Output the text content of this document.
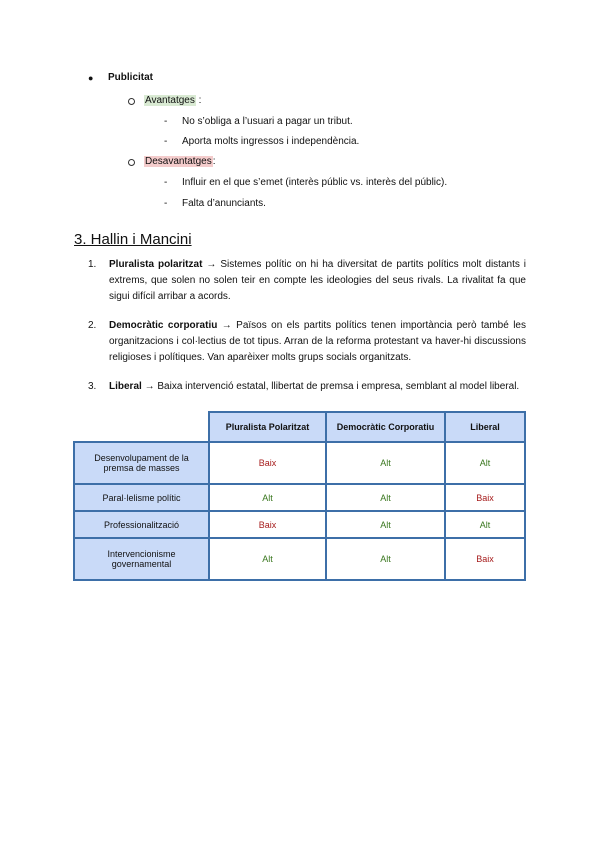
● Publicitat
Avantatges :
- No s’obliga a l’usuari a pagar un tribut.
- Aporta molts ingressos i independència.
Desavantatges:
- Influir en el que s’emet (interès públic vs. interès del públic).
- Falta d’anunciants.
3. Hallin i Mancini
1. Pluralista polaritzat → Sistemes polític on hi ha diversitat de partits polítics molt distants i extrems, que solen no solen teir en compte les ideologies del seus rivals. La rivalitat fa que sigui difícil arribar a acords.
2. Democràtic corporatiu → Països on els partits polítics tenen importància però també les organitzacions i col·lectius de tot tipus. Arran de la reforma protestant va haver-hi discussions religioses i polítiques. Van aparèixer molts grups socials organitzats.
3. Liberal → Baixa intervenció estatal, llibertat de premsa i empresa, semblant al model liberal.
	Pluralista Polaritzat	Democràtic Corporatiu	Liberal
Desenvolupament de la premsa de masses	Baix	Alt	Alt
Paral·lelisme polític	Alt	Alt	Baix
Professionalització	Baix	Alt	Alt
Intervencionisme governamental	Alt	Alt	Baix
